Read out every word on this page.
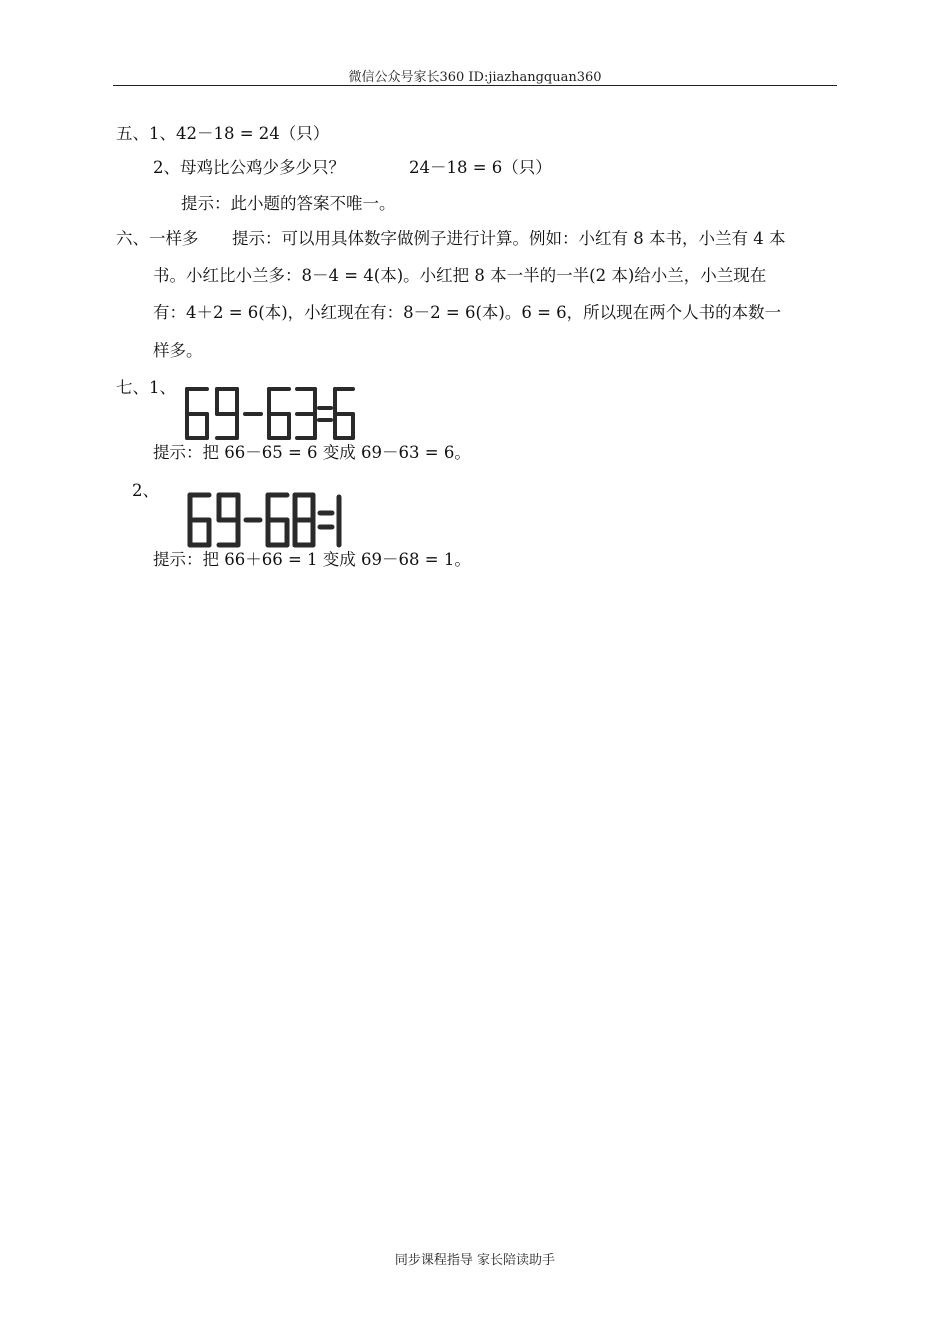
微信公众号家长360 ID:jiazhangquan360
五、1、42－18 = 24（只）
2、母鸡比公鸡少多少只？	24－18 = 6（只）
提示：此小题的答案不唯一。
六、一样多 提示：可以用具体数字做例子进行计算。例如：小红有 8 本书，小兰有 4 本
书。小红比小兰多：8－4 = 4(本)。小红把 8 本一半的一半(2 本)给小兰，小兰现在
有：4＋2 = 6(本)，小红现在有：8－2 = 6(本)。6 = 6，所以现在两个人书的本数一
样多。
七、1、
提示：把 66－65 = 6 变成 69－63 = 6。
2、
提示：把 66＋66 = 1 变成 69－68 = 1。
同步课程指导 家长陪读助手
